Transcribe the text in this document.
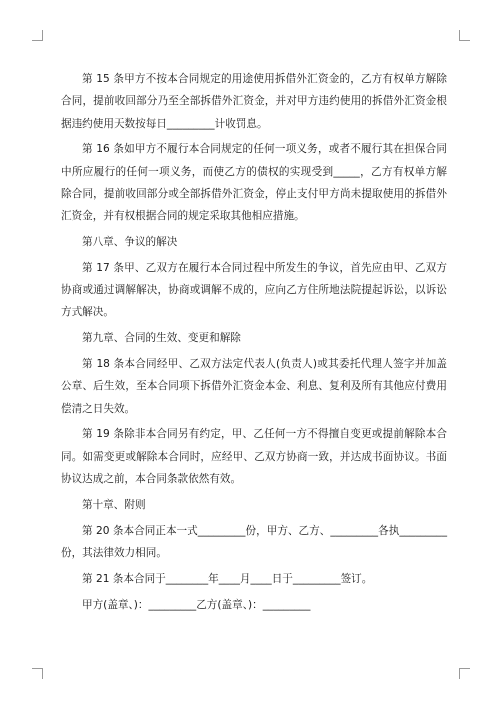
第 15 条甲方不按本合同规定的用途使用拆借外汇资金的，乙方有权单方解除合同，提前收回部分乃至全部拆借外汇资金，并对甲方违约使用的拆借外汇资金根据违约使用天数按每日_________计收罚息。

第 16 条如甲方不履行本合同规定的任何一项义务，或者不履行其在担保合同中所应履行的任何一项义务，而使乙方的债权的实现受到_____，乙方有权单方解除合同，提前收回部分或全部拆借外汇资金，停止支付甲方尚未提取使用的拆借外汇资金，并有权根据合同的规定采取其他相应措施。

第八章、争议的解决

第 17 条甲、乙双方在履行本合同过程中所发生的争议，首先应由甲、乙双方协商或通过调解解决，协商或调解不成的，应向乙方住所地法院提起诉讼，以诉讼方式解决。

第九章、合同的生效、变更和解除

第 18 条本合同经甲、乙双方法定代表人(负责人)或其委托代理人签字并加盖公章、后生效，至本合同项下拆借外汇资金本金、利息、复利及所有其他应付费用偿清之日失效。

第 19 条除非本合同另有约定，甲、乙任何一方不得擅自变更或提前解除本合同。如需变更或解除本合同时，应经甲、乙双方协商一致，并达成书面协议。书面协议达成之前，本合同条款依然有效。

第十章、附则

第 20 条本合同正本一式_________份，甲方、乙方、_________各执_________份，其法律效力相同。

第 21 条本合同于________年____月____日于_________签订。

甲方(盖章、)：_________乙方(盖章、)：_________
